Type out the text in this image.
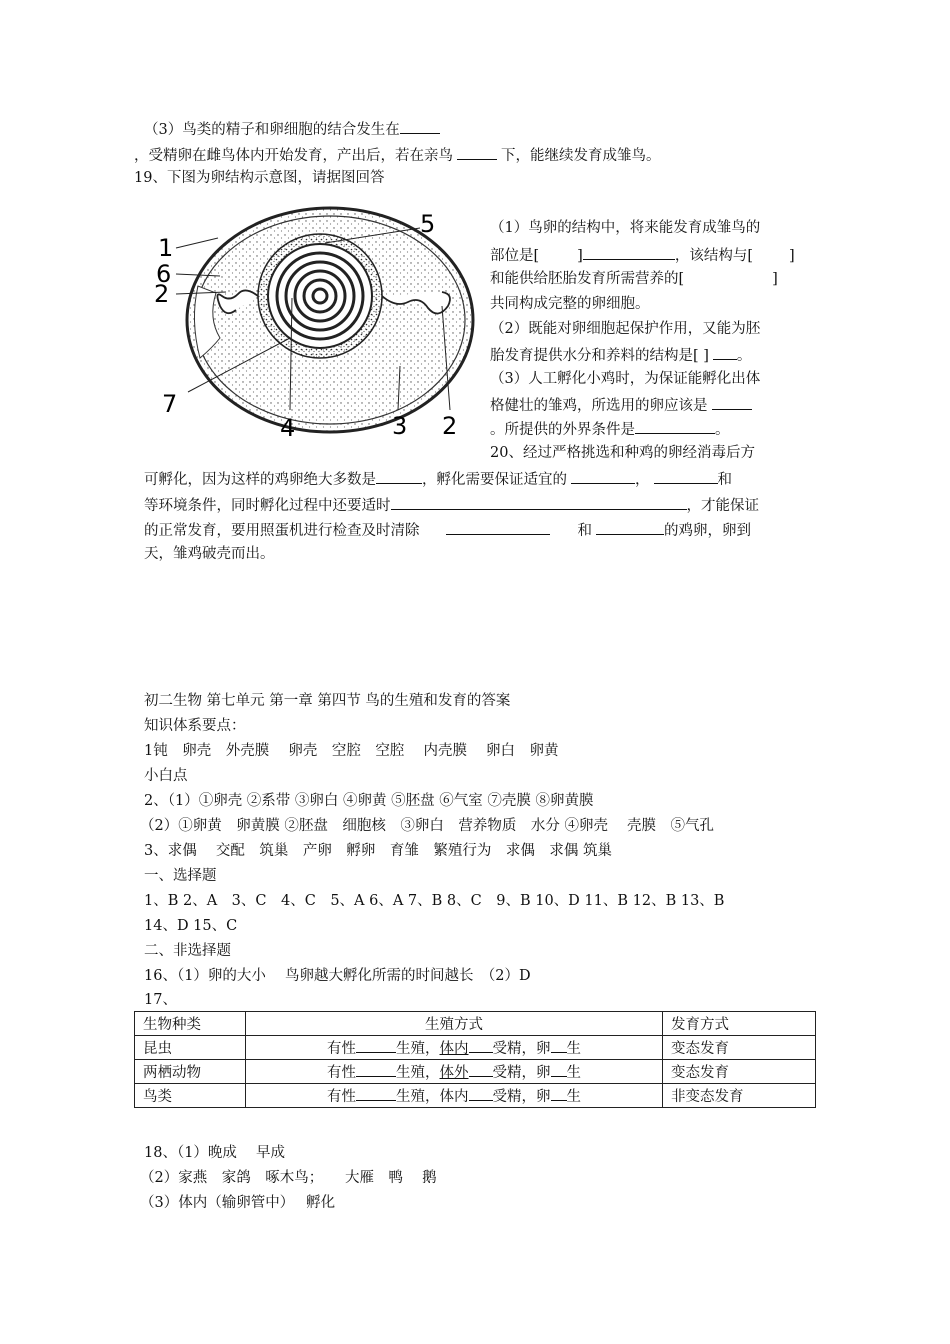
（3）鸟类的精子和卵细胞的结合发生在
，受精卵在雌鸟体内开始发育，产出后，若在亲鸟	下，能继续发育成雏鸟。
19、下图为卵结构示意图，请据图回答
1
6
2
5
7
4	3 2
（1）鸟卵的结构中，将来能发育成雏鸟的
部位是[	]	，该结构与[ ]
和能供给胚胎发育所需营养的[	]
共同构成完整的卵细胞。
（2）既能对卵细胞起保护作用，又能为胚
胎发育提供水分和养料的结构是[ ] 。
（3）人工孵化小鸡时，为保证能孵化出体
格健壮的雏鸡，所选用的卵应该是
。所提供的外界条件是	。
20、经过严格挑选和种鸡的卵经消毒后方
可孵化，因为这样的鸡卵绝大多数是	，孵化需要保证适宜的	，	和
等环境条件，同时孵化过程中还要适时	，才能保证
的正常发育，要用照蛋机进行检查及时清除	和	的鸡卵，卵到
天，雏鸡破壳而出。
初二生物 第七单元 第一章 第四节 鸟的生殖和发育的答案
知识体系要点：
1钝　卵壳　外壳膜　 卵壳　空腔　空腔　 内壳膜　 卵白　卵黄
小白点
2、（1）①卵壳 ②系带 ③卵白 ④卵黄 ⑤胚盘 ⑥气室 ⑦壳膜 ⑧卵黄膜
（2）①卵黄　卵黄膜 ②胚盘　细胞核　③卵白　营养物质　水分 ④卵壳　 壳膜　⑤气孔
3、求偶　 交配　筑巢　产卵　孵卵　育雏　繁殖行为　求偶　求偶 筑巢
一、选择题
1、B 2、A　3、C　4、C　5、A 6、A 7、B 8、C　9、B 10、D 11、B 12、B 13、B
14、D 15、C
二、非选择题
16、（1）卵的大小　 鸟卵越大孵化所需的时间越长　（2）D
17、
生物种类	生殖方式	发育方式
昆虫	有性 生殖，体内 受精，卵 生	变态发育
两栖动物	有性 生殖，体外 受精，卵 生	变态发育
鸟类	有性 生殖，体内 受精，卵 生	非变态发育
18、（1）晚成　 早成
（2）家燕　家鸽　啄木鸟；　　大雁　鸭　 鹅
（3）体内（输卵管中）　 孵化
